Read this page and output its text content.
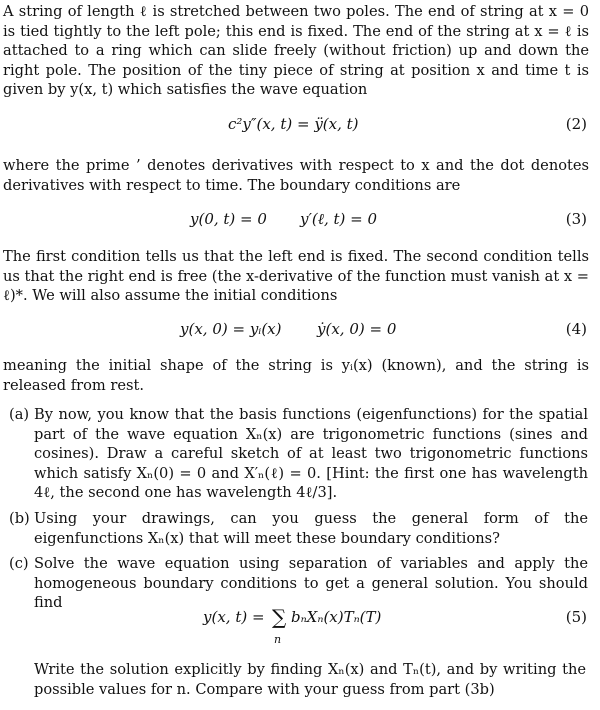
A string of length ℓ is stretched between two poles. The end of string at x = 0 is tied tightly to the left pole; this end is fixed. The end of the string at x = ℓ is attached to a ring which can slide freely (without friction) up and down the right pole. The position of the tiny piece of string at position x and time t is given by y(x, t) which satisfies the wave equation

c²y″(x, t) = ÿ(x, t)	(2)

where the prime ’ denotes derivatives with respect to x and the dot denotes derivatives with respect to time. The boundary conditions are

y(0, t) = 0 y′(ℓ, t) = 0	(3)

The first condition tells us that the left end is fixed. The second condition tells us that the right end is free (the x-derivative of the function must vanish at x = ℓ)*. We will also assume the initial conditions

y(x, 0) = yᵢ(x) ẏ(x, 0) = 0	(4)

meaning the initial shape of the string is yᵢ(x) (known), and the string is released from rest.

(a) By now, you know that the basis functions (eigenfunctions) for the spatial part of the wave equation Xₙ(x) are trigonometric functions (sines and cosines). Draw a careful sketch of at least two trigonometric functions which satisfy Xₙ(0) = 0 and X′ₙ(ℓ) = 0. [Hint: the first one has wavelength 4ℓ, the second one has wavelength 4ℓ/3].
(b) Using your drawings, can you guess the general form of the eigenfunctions Xₙ(x) that will meet these boundary conditions?
(c) Solve the wave equation using separation of variables and apply the homogeneous boundary conditions to get a general solution. You should find
y(x, t) = ∑ bₙXₙ(x)Tₙ(T)
n
(5)

Write the solution explicitly by finding Xₙ(x) and Tₙ(t), and by writing the possible values for n. Compare with your guess from part (3b)
